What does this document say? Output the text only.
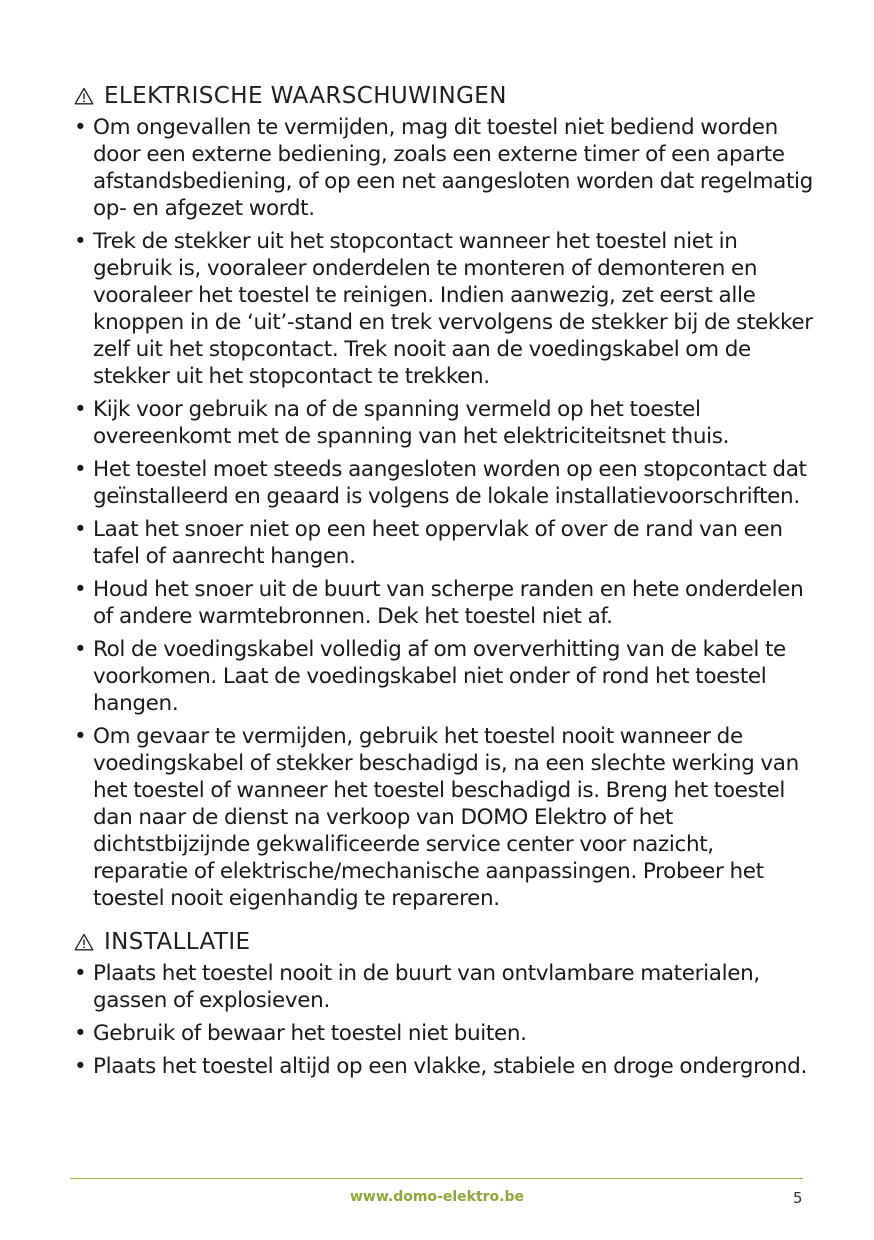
ELEKTRISCHE WAARSCHUWINGEN
• Om ongevallen te vermijden, mag dit toestel niet bediend worden door een externe bediening, zoals een externe timer of een aparte afstandsbediening, of op een net aangesloten worden dat regelmatig op- en afgezet wordt.
• Trek de stekker uit het stopcontact wanneer het toestel niet in gebruik is, vooraleer onderdelen te monteren of demonteren en vooraleer het toestel te reinigen. Indien aanwezig, zet eerst alle knoppen in de ‘uit’-stand en trek vervolgens de stekker bij de stekker zelf uit het stopcontact. Trek nooit aan de voedingskabel om de stekker uit het stopcontact te trekken.
• Kijk voor gebruik na of de spanning vermeld op het toestel overeenkomt met de spanning van het elektriciteitsnet thuis.
• Het toestel moet steeds aangesloten worden op een stopcontact dat geïnstalleerd en geaard is volgens de lokale installatievoorschriften.
• Laat het snoer niet op een heet oppervlak of over de rand van een tafel of aanrecht hangen.
• Houd het snoer uit de buurt van scherpe randen en hete onderdelen of andere warmtebronnen. Dek het toestel niet af.
• Rol de voedingskabel volledig af om oververhitting van de kabel te voorkomen. Laat de voedingskabel niet onder of rond het toestel hangen.
• Om gevaar te vermijden, gebruik het toestel nooit wanneer de voedingskabel of stekker beschadigd is, na een slechte werking van het toestel of wanneer het toestel beschadigd is. Breng het toestel dan naar de dienst na verkoop van DOMO Elektro of het dichtstbijzijnde gekwalificeerde service center voor nazicht, reparatie of elektrische/mechanische aanpassingen. Probeer het toestel nooit eigenhandig te repareren.
INSTALLATIE
• Plaats het toestel nooit in de buurt van ontvlambare materialen, gassen of explosieven.
• Gebruik of bewaar het toestel niet buiten.
• Plaats het toestel altijd op een vlakke, stabiele en droge ondergrond.
www.domo-elektro.be	5
